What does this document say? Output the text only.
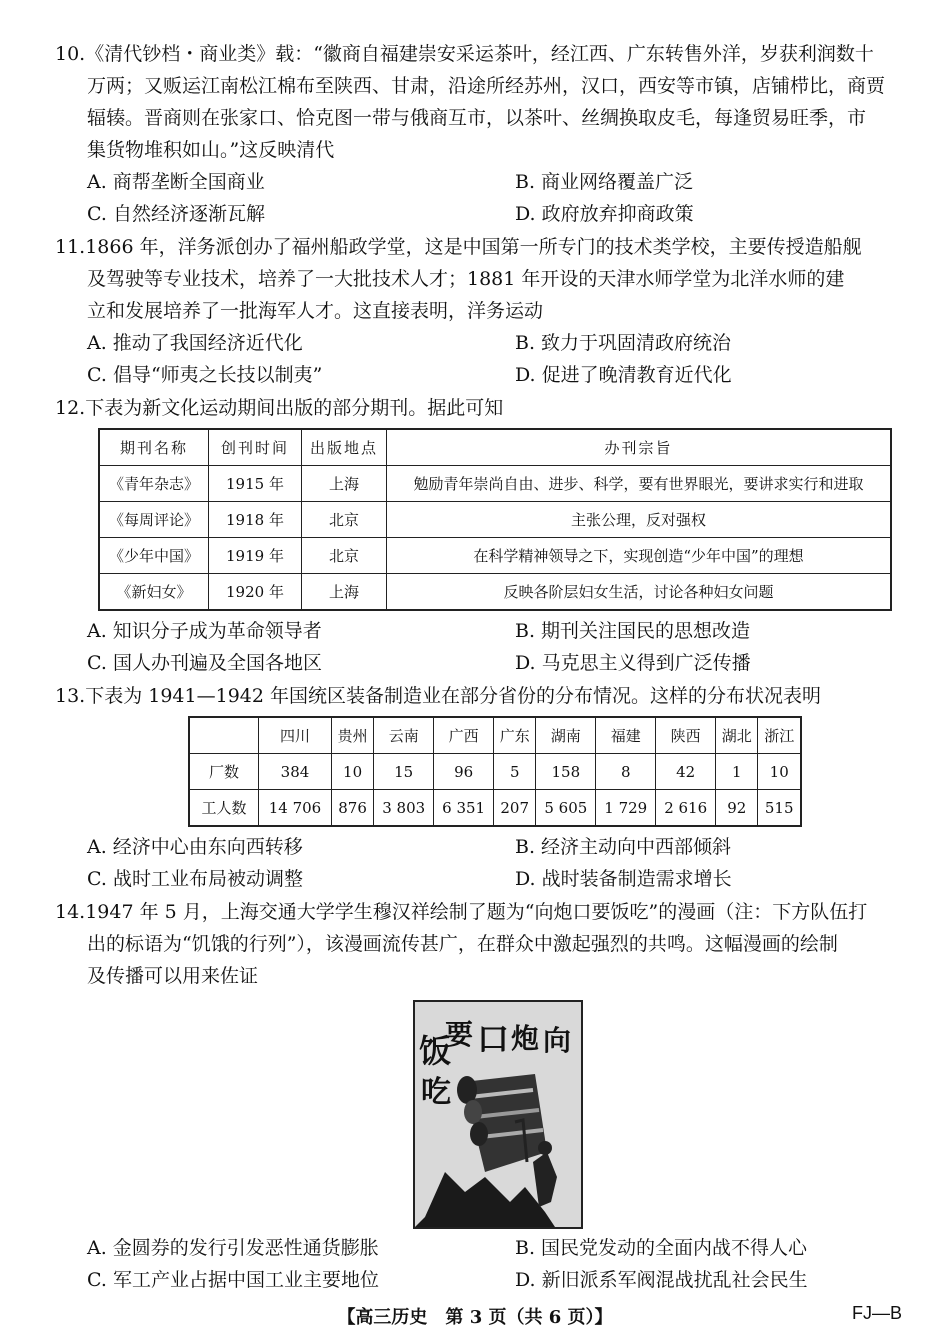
10.《清代钞档・商业类》载：“徽商自福建崇安采运茶叶，经江西、广东转售外洋，岁获利润数十
万两；又贩运江南松江棉布至陕西、甘肃，沿途所经苏州，汉口，西安等市镇，店铺栉比，商贾
辐辏。晋商则在张家口、恰克图一带与俄商互市，以茶叶、丝绸换取皮毛，每逢贸易旺季，市
集货物堆积如山。”这反映清代
A. 商帮垄断全国商业	B. 商业网络覆盖广泛
C. 自然经济逐渐瓦解	D. 政府放弃抑商政策
11.1866 年，洋务派创办了福州船政学堂，这是中国第一所专门的技术类学校，主要传授造船舰
及驾驶等专业技术，培养了一大批技术人才；1881 年开设的天津水师学堂为北洋水师的建
立和发展培养了一批海军人才。这直接表明，洋务运动
A. 推动了我国经济近代化	B. 致力于巩固清政府统治
C. 倡导“师夷之长技以制夷”	D. 促进了晚清教育近代化
12.下表为新文化运动期间出版的部分期刊。据此可知
期刊名称	创刊时间	出版地点	办刊宗旨
《青年杂志》	1915 年	上海	勉励青年崇尚自由、进步、科学，要有世界眼光，要讲求实行和进取
《每周评论》	1918 年	北京	主张公理，反对强权
《少年中国》	1919 年	北京	在科学精神领导之下，实现创造“少年中国”的理想
《新妇女》	1920 年	上海	反映各阶层妇女生活，讨论各种妇女问题
A. 知识分子成为革命领导者	B. 期刊关注国民的思想改造
C. 国人办刊遍及全国各地区	D. 马克思主义得到广泛传播
13.下表为 1941—1942 年国统区装备制造业在部分省份的分布情况。这样的分布状况表明
	四川	贵州	云南	广西	广东	湖南	福建	陕西	湖北	浙江
厂数	384	10	15	96	5	158	8	42	1	10
工人数	14 706	876	3 803	6 351	207	5 605	1 729	2 616	92	515
A. 经济中心由东向西转移	B. 经济主动向中西部倾斜
C. 战时工业布局被动调整	D. 战时装备制造需求增长
14.1947 年 5 月，上海交通大学学生穆汉祥绘制了题为“向炮口要饭吃”的漫画（注：下方队伍打
出的标语为“饥饿的行列”），该漫画流传甚广，在群众中激起强烈的共鸣。这幅漫画的绘制
及传播可以用来佐证
向
炮
口
要
饭
吃
A. 金圆券的发行引发恶性通货膨胀	B. 国民党发动的全面内战不得人心
C. 军工产业占据中国工业主要地位	D. 新旧派系军阀混战扰乱社会民生
【高三历史　第 3 页（共 6 页）】	FJ—B
